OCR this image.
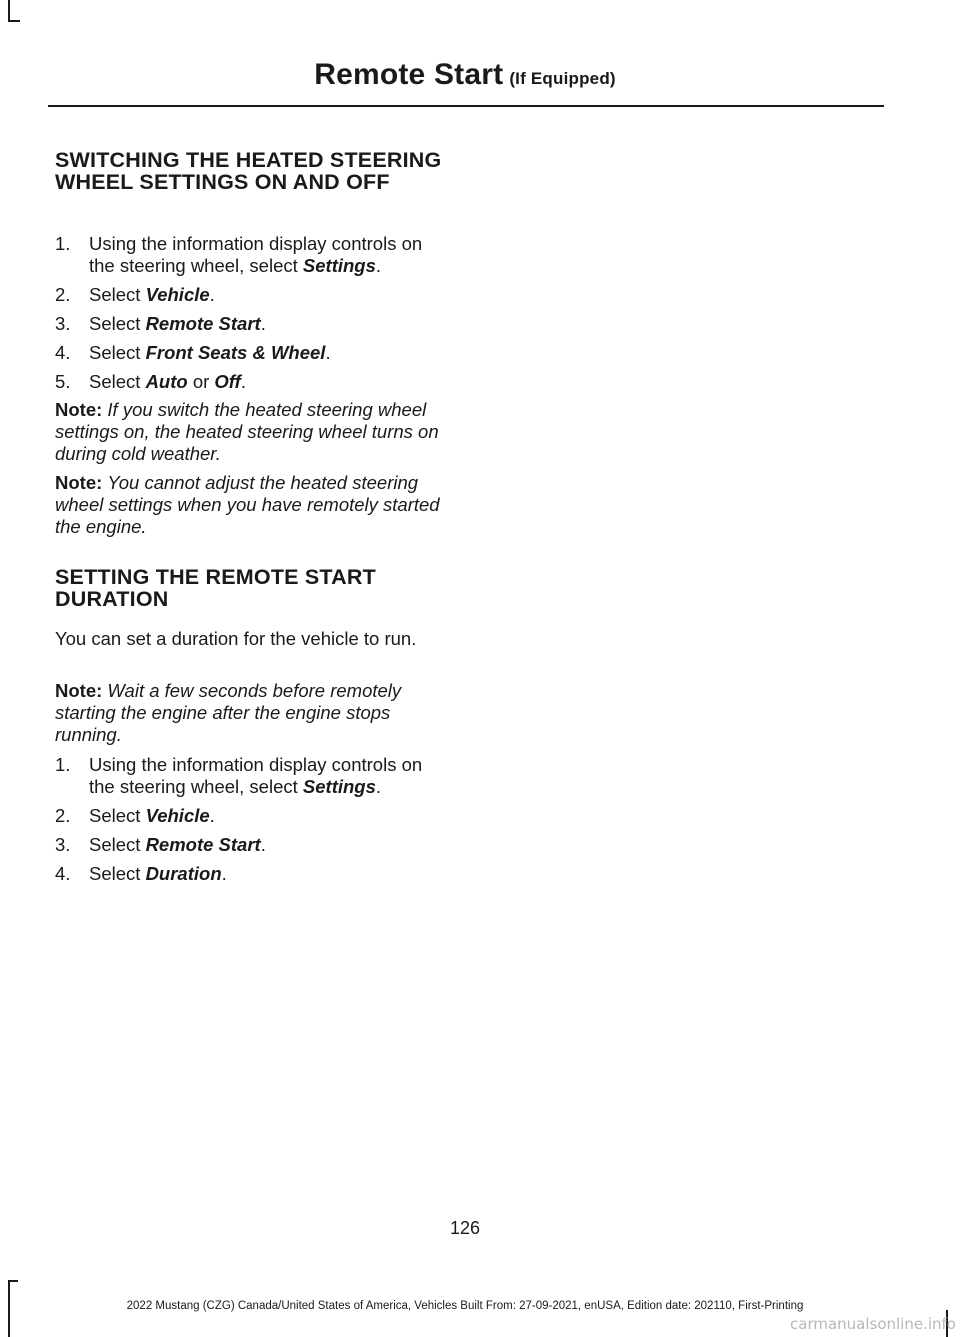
Remote Start (If Equipped)
SWITCHING THE HEATED STEERING WHEEL SETTINGS ON AND OFF
1. Using the information display controls on the steering wheel, select Settings.
2. Select Vehicle.
3. Select Remote Start.
4. Select Front Seats & Wheel.
5. Select Auto or Off.

Note: If you switch the heated steering wheel settings on, the heated steering wheel turns on during cold weather.

Note: You cannot adjust the heated steering wheel settings when you have remotely started the engine.

SETTING THE REMOTE START DURATION

You can set a duration for the vehicle to run.

Note: Wait a few seconds before remotely starting the engine after the engine stops running.

1. Using the information display controls on the steering wheel, select Settings.
2. Select Vehicle.
3. Select Remote Start.
4. Select Duration.
126
2022 Mustang (CZG) Canada/United States of America, Vehicles Built From: 27-09-2021, enUSA, Edition date: 202110, First-Printing
carmanualsonline.info
